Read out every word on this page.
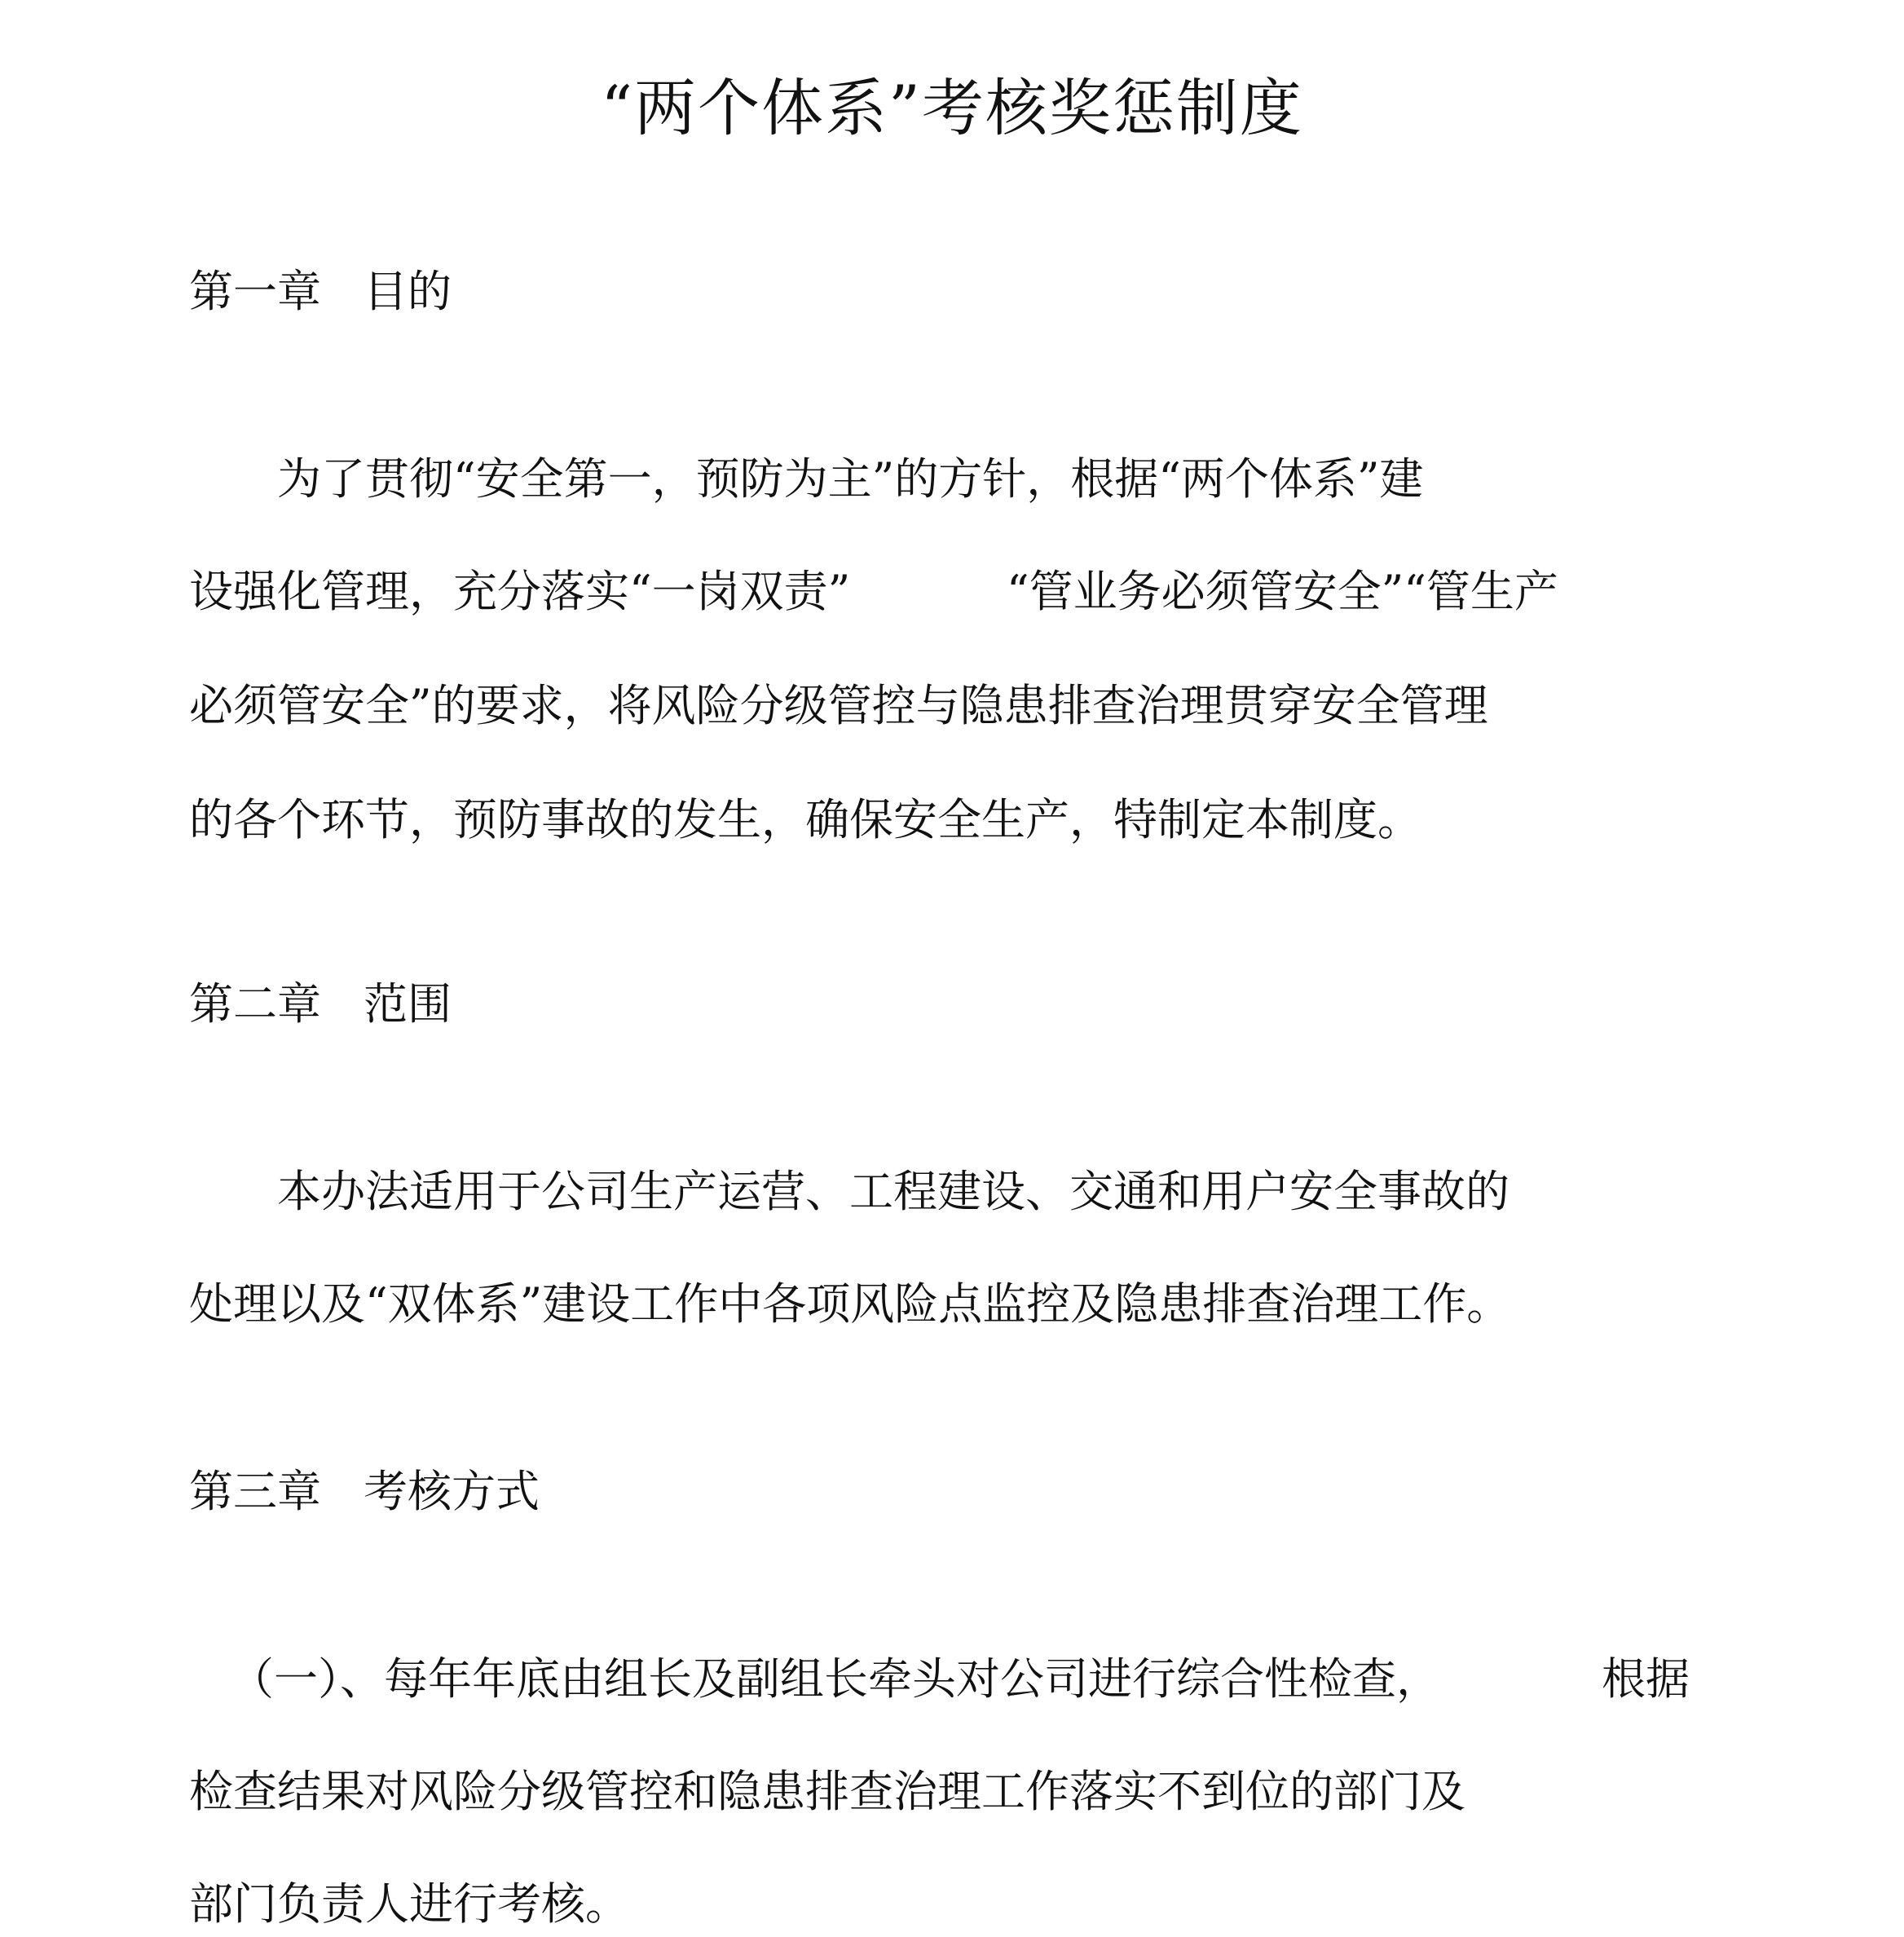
“两个体系”考核奖惩制度
第一章 目的
为了贯彻“安全第一，预防为主”的方针，根据“两个体系”建
设强化管理，充分落实“一岗双责”	“管业务必须管安全”“管生产
必须管安全”的要求，将风险分级管控与隐患排查治理贯穿安全管理
的各个环节，预防事故的发生，确保安全生产，特制定本制度。
第二章 范围
本办法适用于公司生产运营、工程建设、交通和用户安全事故的
处理以及“双体系”建设工作中各项风险点监控及隐患排查治理工作。
第三章 考核方式
（一）、每年年底由组长及副组长牵头对公司进行综合性检查，	根据
检查结果对风险分级管控和隐患排查治理工作落实不到位的部门及
部门负责人进行考核。
